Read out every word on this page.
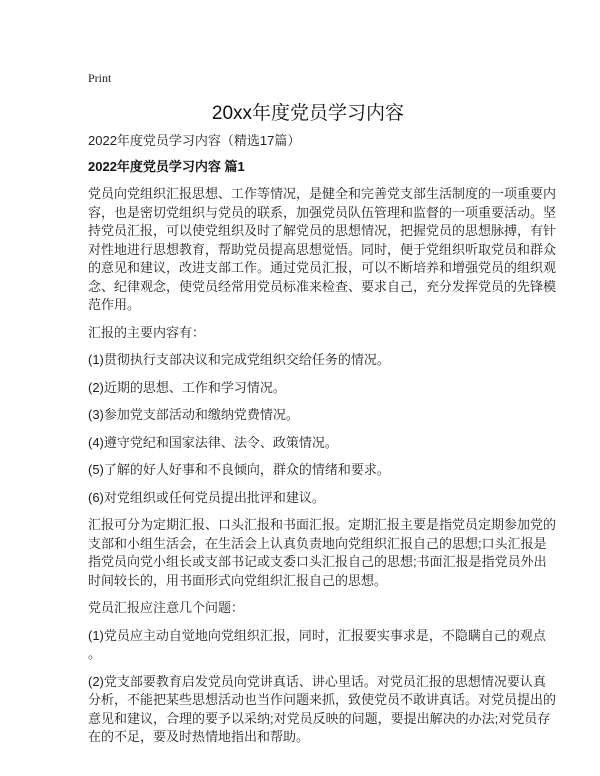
Print
20xx年度党员学习内容
2022年度党员学习内容（精选17篇）
2022年度党员学习内容 篇1
党员向党组织汇报思想、工作等情况，是健全和完善党支部生活制度的一项重要内
容，也是密切党组织与党员的联系，加强党员队伍管理和监督的一项重要活动。坚
持党员汇报，可以使党组织及时了解党员的思想情况，把握党员的思想脉搏，有针
对性地进行思想教育，帮助党员提高思想觉悟。同时，便于党组织听取党员和群众
的意见和建议，改进支部工作。通过党员汇报，可以不断培养和增强党员的组织观
念、纪律观念，使党员经常用党员标准来检查、要求自己，充分发挥党员的先锋模
范作用。
汇报的主要内容有：
(1)贯彻执行支部决议和完成党组织交给任务的情况。
(2)近期的思想、工作和学习情况。
(3)参加党支部活动和缴纳党费情况。
(4)遵守党纪和国家法律、法令、政策情况。
(5)了解的好人好事和不良倾向，群众的情绪和要求。
(6)对党组织或任何党员提出批评和建议。
汇报可分为定期汇报、口头汇报和书面汇报。定期汇报主要是指党员定期参加党的
支部和小组生活会，在生活会上认真负责地向党组织汇报自己的思想;口头汇报是
指党员向党小组长或支部书记或支委口头汇报自己的思想;书面汇报是指党员外出
时间较长的，用书面形式向党组织汇报自己的思想。
党员汇报应注意几个问题：
(1)党员应主动自觉地向党组织汇报，同时，汇报要实事求是，不隐瞒自己的观点
。
(2)党支部要教育启发党员向党讲真话、讲心里话。对党员汇报的思想情况要认真
分析，不能把某些思想活动也当作问题来抓，致使党员不敢讲真话。对党员提出的
意见和建议，合理的要予以采纳;对党员反映的问题，要提出解决的办法;对党员存
在的不足，要及时热情地指出和帮助。
